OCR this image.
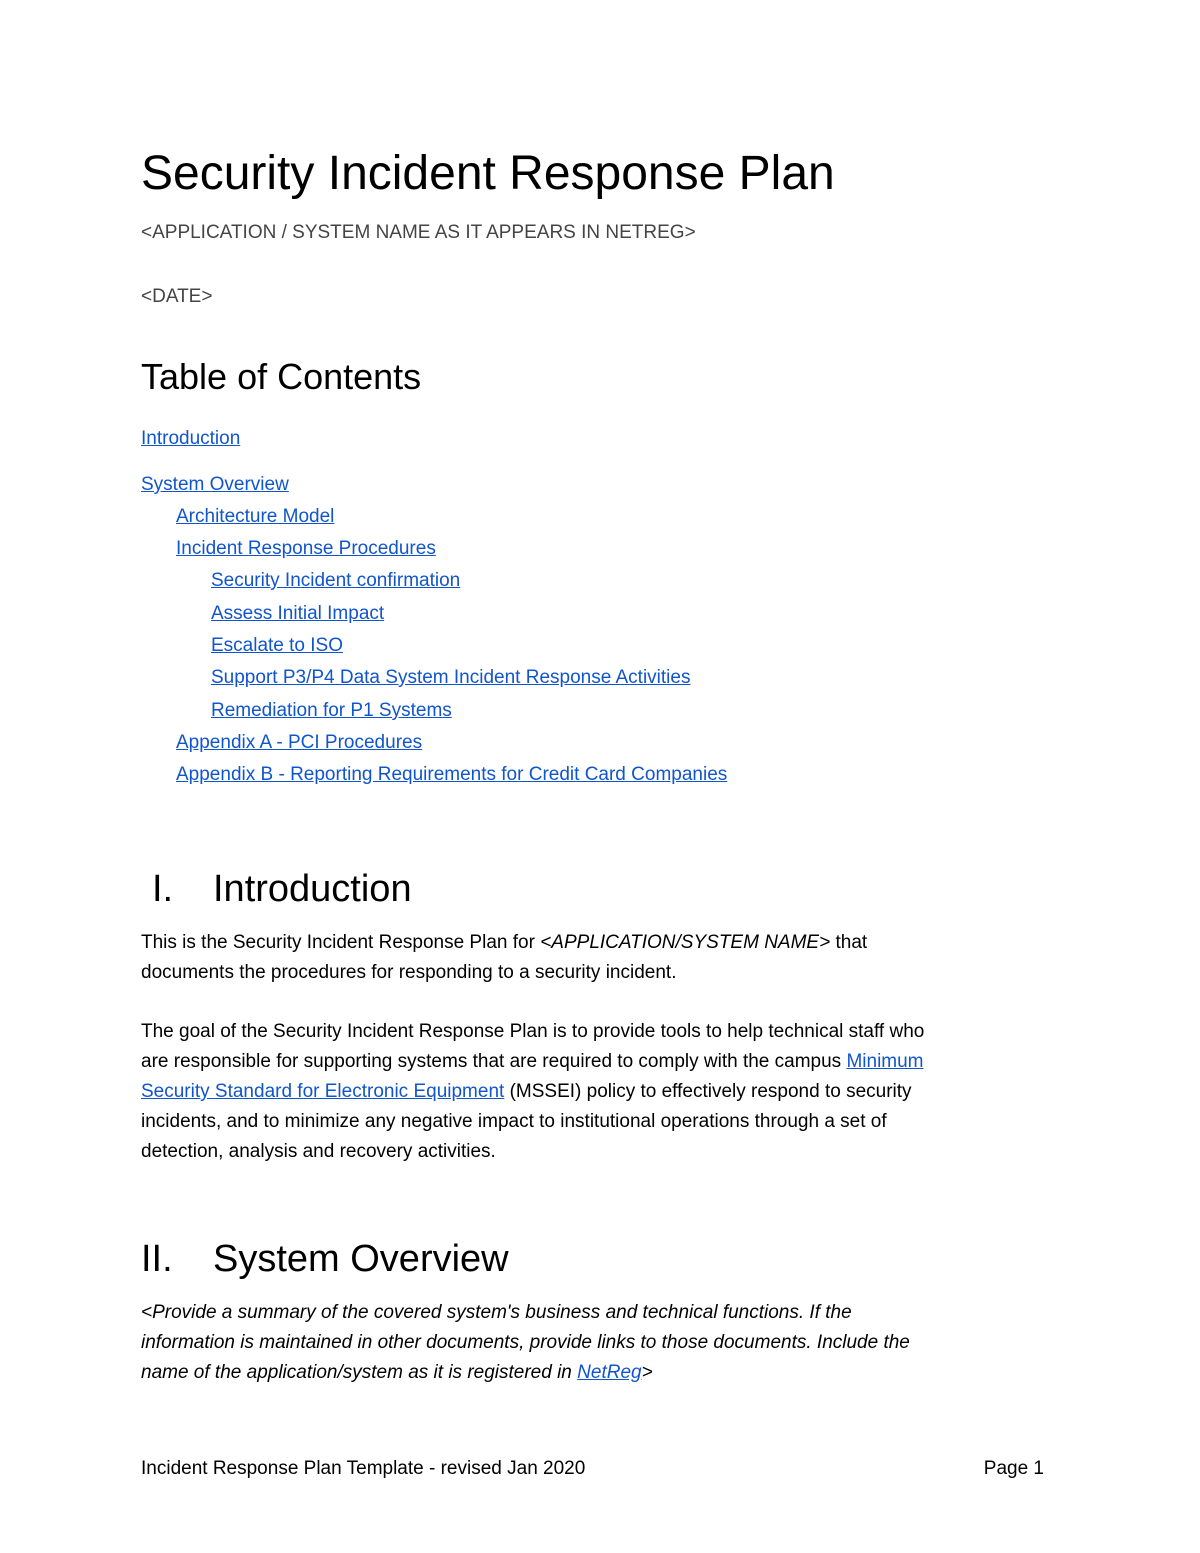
Security Incident Response Plan

<APPLICATION / SYSTEM NAME AS IT APPEARS IN NETREG>

<DATE>

Table of Contents
Introduction
System Overview
Architecture Model
Incident Response Procedures
Security Incident confirmation
Assess Initial Impact
Escalate to ISO
Support P3/P4 Data System Incident Response Activities
Remediation for P1 Systems
Appendix A - PCI Procedures
Appendix B - Reporting Requirements for Credit Card Companies
I. Introduction
This is the Security Incident Response Plan for <APPLICATION/SYSTEM NAME> that
documents the procedures for responding to a security incident.
The goal of the Security Incident Response Plan is to provide tools to help technical staff who
are responsible for supporting systems that are required to comply with the campus Minimum
Security Standard for Electronic Equipment (MSSEI) policy to effectively respond to security
incidents, and to minimize any negative impact to institutional operations through a set of
detection, analysis and recovery activities.
II. System Overview
<Provide a summary of the covered system's business and technical functions. If the
information is maintained in other documents, provide links to those documents. Include the
name of the application/system as it is registered in NetReg>

Incident Response Plan Template - revised Jan 2020	Page 1
